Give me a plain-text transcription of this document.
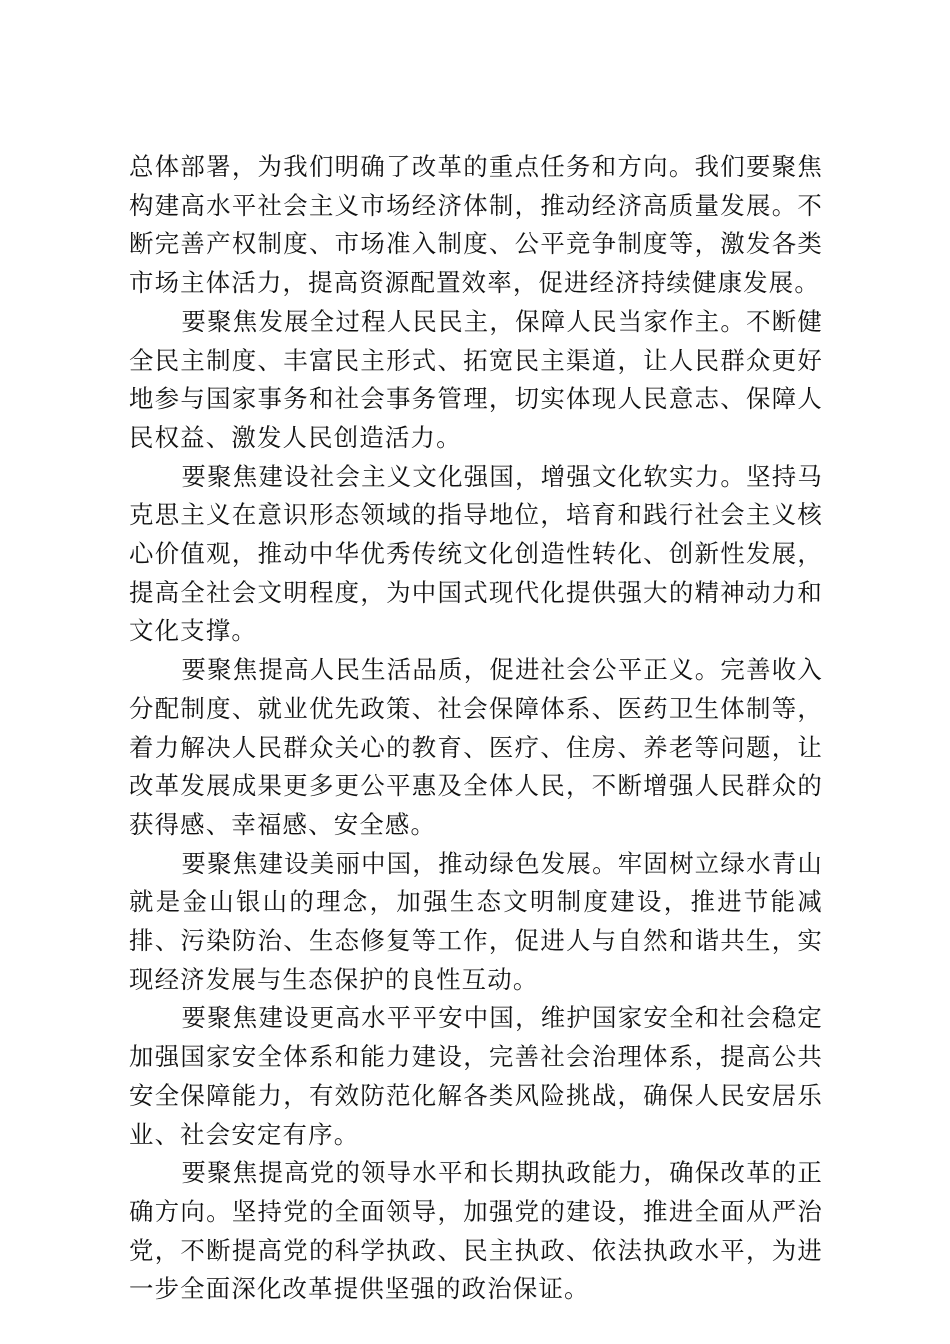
总体部署，为我们明确了改革的重点任务和方向。我们要聚焦构建高水平社会主义市场经济体制，推动经济高质量发展。不断完善产权制度、市场准入制度、公平竞争制度等，激发各类市场主体活力，提高资源配置效率，促进经济持续健康发展。

要聚焦发展全过程人民民主，保障人民当家作主。不断健全民主制度、丰富民主形式、拓宽民主渠道，让人民群众更好地参与国家事务和社会事务管理，切实体现人民意志、保障人民权益、激发人民创造活力。

要聚焦建设社会主义文化强国，增强文化软实力。坚持马克思主义在意识形态领域的指导地位，培育和践行社会主义核心价值观，推动中华优秀传统文化创造性转化、创新性发展，提高全社会文明程度，为中国式现代化提供强大的精神动力和文化支撑。

要聚焦提高人民生活品质，促进社会公平正义。完善收入分配制度、就业优先政策、社会保障体系、医药卫生体制等，着力解决人民群众关心的教育、医疗、住房、养老等问题，让改革发展成果更多更公平惠及全体人民，不断增强人民群众的获得感、幸福感、安全感。

要聚焦建设美丽中国，推动绿色发展。牢固树立绿水青山就是金山银山的理念，加强生态文明制度建设，推进节能减排、污染防治、生态修复等工作，促进人与自然和谐共生，实现经济发展与生态保护的良性互动。

要聚焦建设更高水平平安中国，维护国家安全和社会稳定加强国家安全体系和能力建设，完善社会治理体系，提高公共安全保障能力，有效防范化解各类风险挑战，确保人民安居乐业、社会安定有序。

要聚焦提高党的领导水平和长期执政能力，确保改革的正确方向。坚持党的全面领导，加强党的建设，推进全面从严治党，不断提高党的科学执政、民主执政、依法执政水平，为进一步全面深化改革提供坚强的政治保证。
